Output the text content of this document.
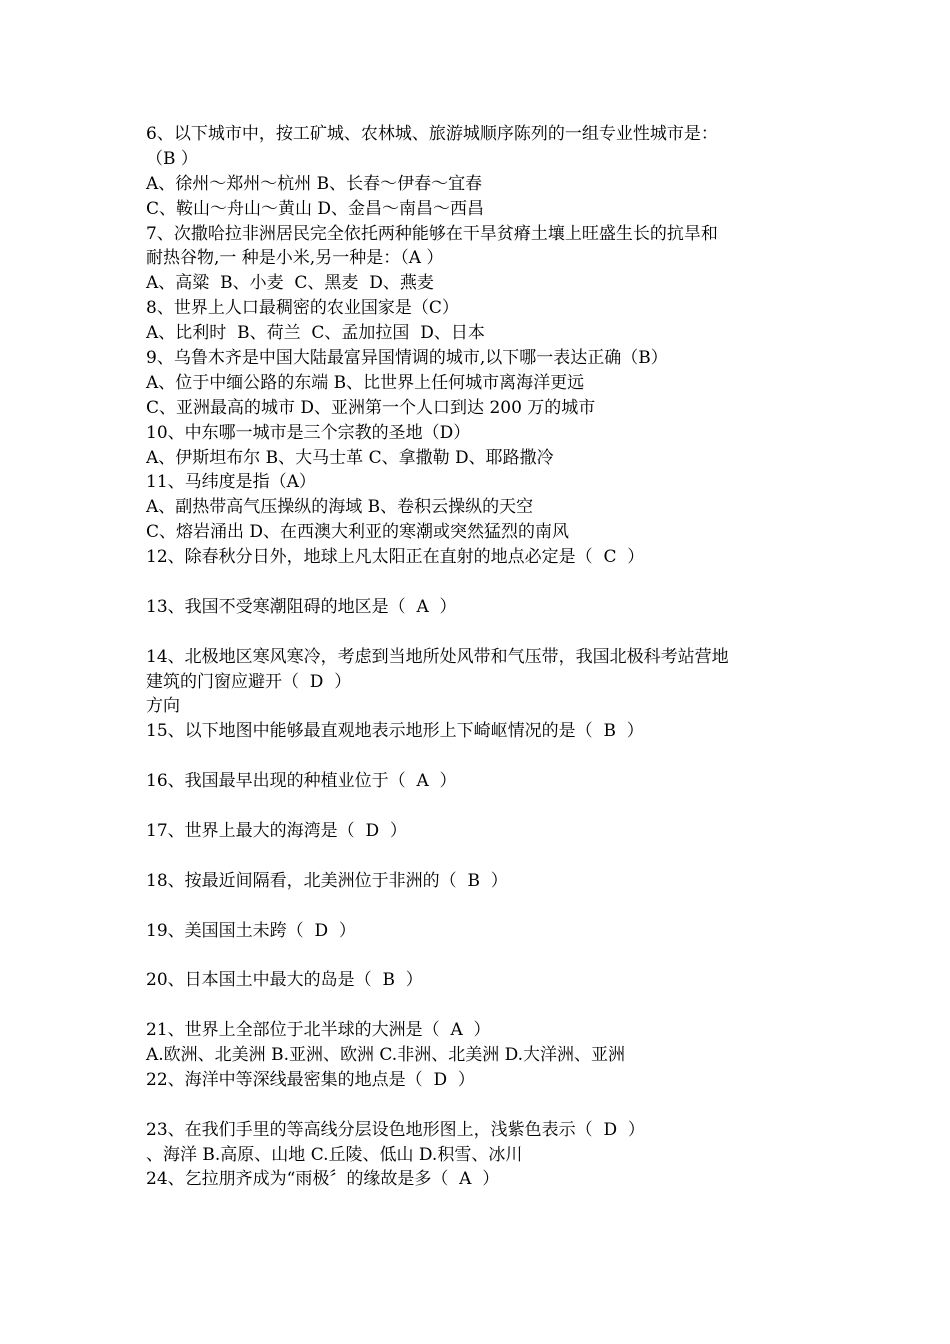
6、以下城市中，按工矿城、农林城、旅游城顺序陈列的一组专业性城市是：
（B ）
A、徐州～郑州～杭州 B、长春～伊春～宜春
C、鞍山～舟山～黄山 D、金昌～南昌～西昌
7、次撒哈拉非洲居民完全依托两种能够在干旱贫瘠土壤上旺盛生长的抗旱和
耐热谷物,一 种是小米,另一种是：（A ）
A、高粱  B、小麦  C、黑麦  D、燕麦
8、世界上人口最稠密的农业国家是（C）
A、比利时  B、荷兰  C、孟加拉国  D、日本
9、乌鲁木齐是中国大陆最富异国情调的城市,以下哪一表达正确（B）
A、位于中缅公路的东端 B、比世界上任何城市离海洋更远
C、亚洲最高的城市 D、亚洲第一个人口到达 200 万的城市
10、中东哪一城市是三个宗教的圣地（D）
A、伊斯坦布尔 B、大马士革 C、拿撒勒 D、耶路撒冷
11、马纬度是指（A）
A、副热带高气压操纵的海域 B、卷积云操纵的天空
C、熔岩涌出 D、在西澳大利亚的寒潮或突然猛烈的南风
12、除春秋分日外，地球上凡太阳正在直射的地点必定是（  C  ）
13、我国不受寒潮阻碍的地区是（  A  ）
14、北极地区寒风寒冷，考虑到当地所处风带和气压带，我国北极科考站营地
建筑的门窗应避开（  D  ）
方向
15、以下地图中能够最直观地表示地形上下崎岖情况的是（  B  ）
16、我国最早出现的种植业位于（  A  ）
17、世界上最大的海湾是（  D  ）
18、按最近间隔看，北美洲位于非洲的（  B  ）
19、美国国土未跨（  D  ）
20、日本国土中最大的岛是（  B  ）
21、世界上全部位于北半球的大洲是（  A  ）
A.欧洲、北美洲 B.亚洲、欧洲 C.非洲、北美洲 D.大洋洲、亚洲
22、海洋中等深线最密集的地点是（  D  ）
23、在我们手里的等高线分层设色地形图上，浅紫色表示（  D  ）
、海洋 B.高原、山地 C.丘陵、低山 D.积雪、冰川
24、乞拉朋齐成为“雨极〞的缘故是多（  A  ）
